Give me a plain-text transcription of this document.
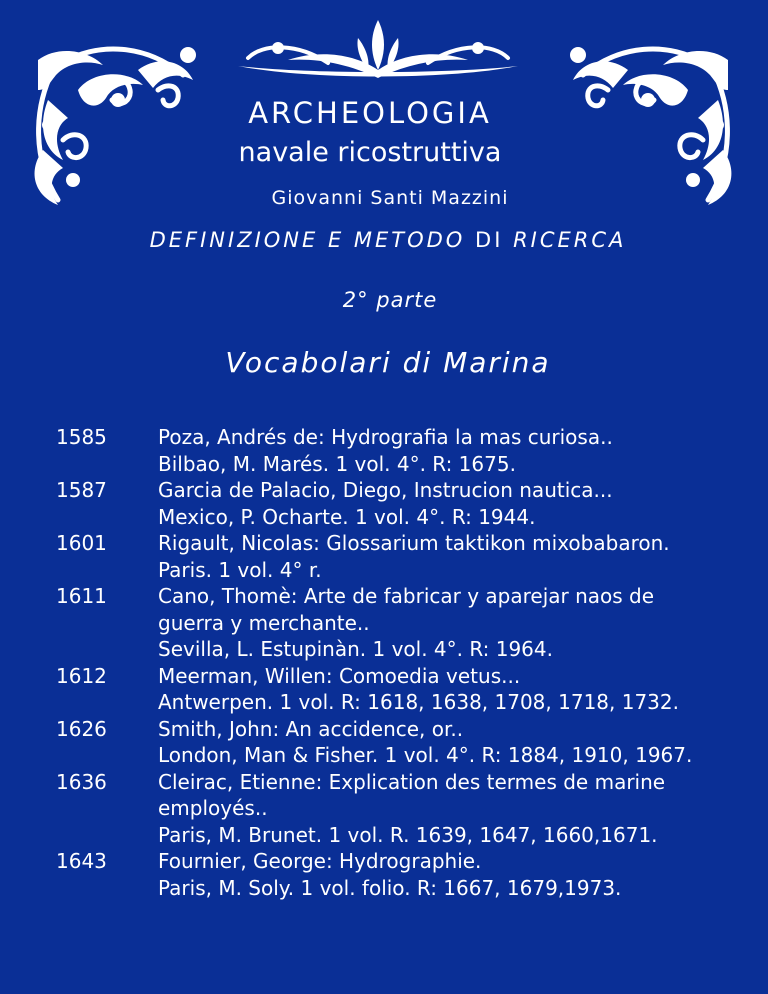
ARCHEOLOGIA
navale ricostruttiva
Giovanni Santi Mazzini
DEFINIZIONE E METODO DI RICERCA
2° parte
Vocabolari di Marina
1585	Poza, Andrés de: Hydrografia la mas curiosa..
Bilbao, M. Marés. 1 vol. 4°. R: 1675.
1587	Garcia de Palacio, Diego, Instrucion nautica...
Mexico, P. Ocharte. 1 vol. 4°. R: 1944.
1601	Rigault, Nicolas: Glossarium taktikon mixobabaron.
Paris. 1 vol. 4° r.
1611	Cano, Thomè: Arte de fabricar y aparejar naos de
guerra y merchante..
Sevilla, L. Estupinàn. 1 vol. 4°. R: 1964.
1612	Meerman, Willen: Comoedia vetus...
Antwerpen. 1 vol. R: 1618, 1638, 1708, 1718, 1732.
1626	Smith, John: An accidence, or..
London, Man & Fisher. 1 vol. 4°. R: 1884, 1910, 1967.
1636	Cleirac, Etienne: Explication des termes de marine
employés..
Paris, M. Brunet. 1 vol. R. 1639, 1647, 1660,1671.
1643	Fournier, George: Hydrographie.
Paris, M. Soly. 1 vol. folio. R: 1667, 1679,1973.
